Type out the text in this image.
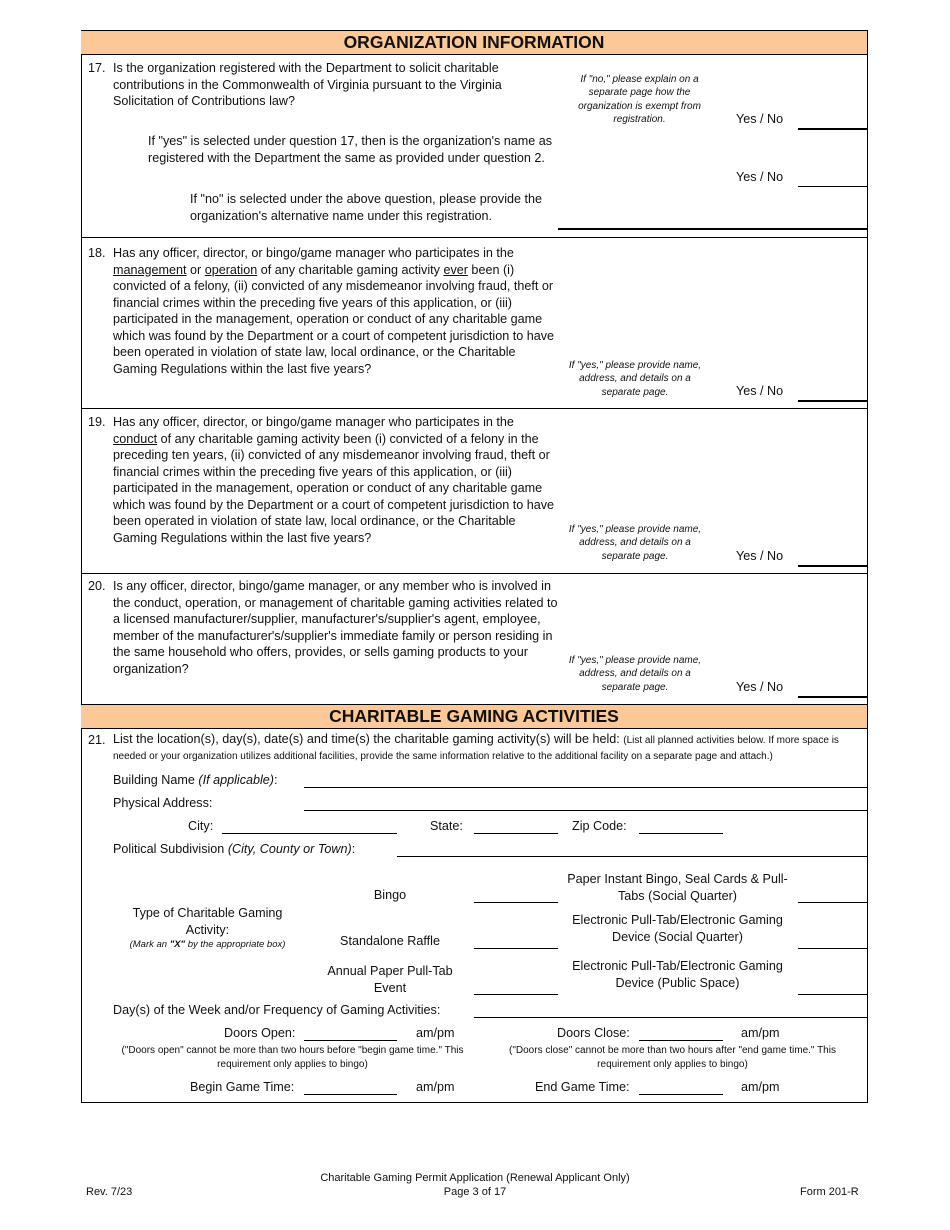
ORGANIZATION INFORMATION
17. Is the organization registered with the Department to solicit charitable contributions in the Commonwealth of Virginia pursuant to the Virginia Solicitation of Contributions law?
If "no," please explain on a separate page how the organization is exempt from registration.	Yes / No
If "yes" is selected under question 17, then is the organization's name as registered with the Department the same as provided under question 2.
Yes / No
If "no" is selected under the above question, please provide the organization's alternative name under this registration.
18. Has any officer, director, or bingo/game manager who participates in the
management or operation of any charitable gaming activity ever been (i) convicted of a felony, (ii) convicted of any misdemeanor involving fraud, theft or financial crimes within the preceding five years of this application, or (iii) participated in the management, operation or conduct of any charitable game which was found by the Department or a court of competent jurisdiction to have been operated in violation of state law, local ordinance, or the Charitable Gaming Regulations within the last five years?	If "yes," please provide name, address, and details on a separate page.	Yes / No
19. Has any officer, director, or bingo/game manager who participates in the
conduct of any charitable gaming activity been (i) convicted of a felony in the preceding ten years, (ii) convicted of any misdemeanor involving fraud, theft or financial crimes within the preceding five years of this application, or (iii) participated in the management, operation or conduct of any charitable game which was found by the Department or a court of competent jurisdiction to have been operated in violation of state law, local ordinance, or the Charitable Gaming Regulations within the last five years?
If "yes," please provide name, address, and details on a separate page.	Yes / No
20. Is any officer, director, bingo/game manager, or any member who is involved in the conduct, operation, or management of charitable gaming activities related to a licensed manufacturer/supplier, manufacturer's/supplier's agent, employee, member of the manufacturer's/supplier's immediate family or person residing in the same household who offers, provides, or sells gaming products to your organization?
If "yes," please provide name, address, and details on a separate page.	Yes / No
CHARITABLE GAMING ACTIVITIES
21. List the location(s), day(s), date(s) and time(s) the charitable gaming activity(s) will be held: (List all planned activities below. If more space is needed or your organization utilizes additional facilities, provide the same information relative to the additional facility on a separate page and attach.)
Building Name (If applicable):
Physical Address:
City:	State:	Zip Code:
Political Subdivision (City, County or Town):
Type of Charitable Gaming Activity:
(Mark an "X" by the appropriate box)
Bingo
Standalone Raffle
Annual Paper Pull-Tab Event
Paper Instant Bingo, Seal Cards & Pull-Tabs (Social Quarter)
Electronic Pull-Tab/Electronic Gaming Device (Social Quarter)
Electronic Pull-Tab/Electronic Gaming Device (Public Space)
Day(s) of the Week and/or Frequency of Gaming Activities:
Doors Open:	am/pm	Doors Close:	am/pm
("Doors open" cannot be more than two hours before "begin game time." This requirement only applies to bingo)
("Doors close" cannot be more than two hours after "end game time." This requirement only applies to bingo)
Begin Game Time:	am/pm	End Game Time:	am/pm
Rev. 7/23
Charitable Gaming Permit Application (Renewal Applicant Only)
Page 3 of 17	Form 201-R
